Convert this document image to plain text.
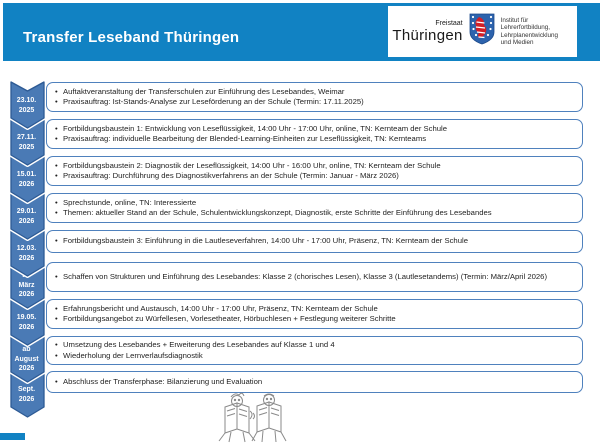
Transfer Leseband Thüringen
Freistaat
Thüringen
Institut für Lehrerfortbildung,
Lehrplanentwicklung
und Medien
23.10.
2025
• Auftaktveranstaltung der Transferschulen zur Einführung des Lesebandes, Weimar
• Praxisauftrag: Ist-Stands-Analyse zur Leseförderung an der Schule (Termin: 17.11.2025)
27.11.
2025
• Fortbildungsbaustein 1: Entwicklung von Leseflüssigkeit, 14:00 Uhr - 17:00 Uhr, online, TN: Kernteam der Schule
• Praxisauftrag: individuelle Bearbeitung der Blended-Learning-Einheiten zur Leseflüssigkeit, TN: Kernteams
15.01.
2026
• Fortbildungsbaustein 2: Diagnostik der Leseflüssigkeit, 14:00 Uhr - 16:00 Uhr, online, TN: Kernteam der Schule
• Praxisauftrag: Durchführung des Diagnostikverfahrens an der Schule (Termin: Januar - März 2026)
29.01.
2026
• Sprechstunde, online, TN: Interessierte
• Themen: aktueller Stand an der Schule, Schulentwicklungskonzept, Diagnostik, erste Schritte der Einführung des Lesebandes
12.03.
2026
• Fortbildungsbaustein 3: Einführung in die Lautleseverfahren, 14:00 Uhr - 17:00 Uhr, Präsenz, TN: Kernteam der Schule
März
2026
• Schaffen von Strukturen und Einführung des Lesebandes: Klasse 2 (chorisches Lesen), Klasse 3 (Lautlesetandems) (Termin: März/April 2026)
19.05.
2026
• Erfahrungsbericht und Austausch, 14:00 Uhr - 17:00 Uhr, Präsenz, TN: Kernteam der Schule
• Fortbildungsangebot zu Würfellesen, Vorlesetheater, Hörbuchlesen + Festlegung weiterer Schritte
ab
August
2026
• Umsetzung des Lesebandes + Erweiterung des Lesebandes auf Klasse 1 und 4
• Wiederholung der Lernverlaufsdiagnostik
Sept.
2026
• Abschluss der Transferphase: Bilanzierung und Evaluation
